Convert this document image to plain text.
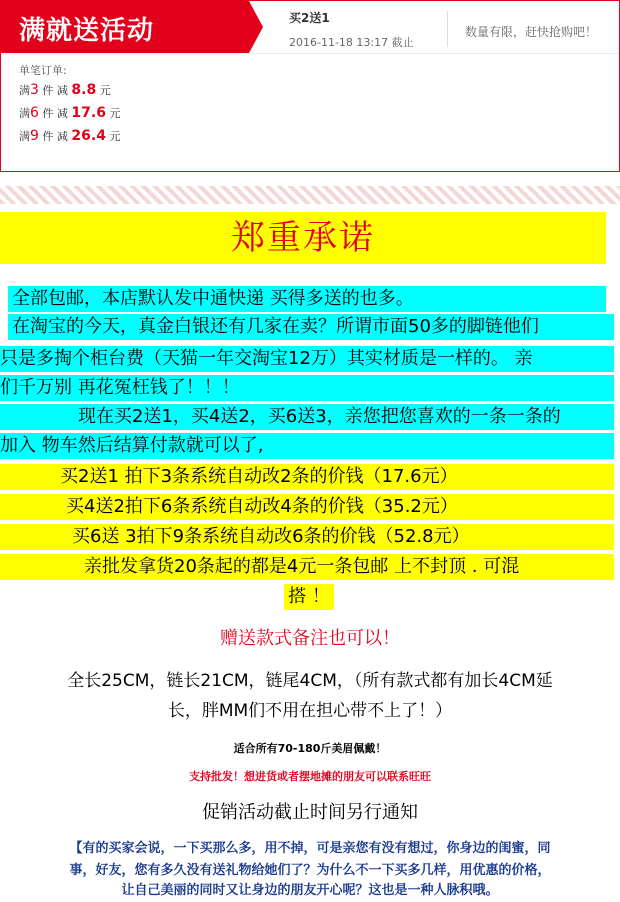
满就送活动	买2送1
2016-11-18 13:17 截止
数量有限，赶快抢购吧！
单笔订单:
满3 件 减 8.8 元
满6 件 减 17.6 元
满9 件 减 26.4 元
郑重承诺
全部包邮，本店默认发中通快递 买得多送的也多。
在淘宝的今天，真金白银还有几家在卖？所谓市面50多的脚链他们
只是多掏个柜台费（天猫一年交淘宝12万）其实材质是一样的。 亲
们千万别 再花冤枉钱了！！！
现在买2送1，买4送2，买6送3，亲您把您喜欢的一条一条的
加入 物车然后结算付款就可以了,
买2送1 拍下3条系统自动改2条的价钱（17.6元）
买4送2拍下6条系统自动改4条的价钱（35.2元）
买6送 3拍下9条系统自动改6条的价钱（52.8元）
亲批发拿货20条起的都是4元一条包邮 上不封顶 . 可混
搭 ！
赠送款式备注也可以！
全长25CM，链长21CM，链尾4CM，（所有款式都有加长4CM延
长，胖MM们不用在担心带不上了！）
适合所有70-180斤美眉佩戴！
支持批发！想进货或者摆地摊的朋友可以联系旺旺
促销活动截止时间另行通知
【有的买家会说，一下买那么多，用不掉，可是亲您有没有想过，你身边的闺蜜，同
事，好友，您有多久没有送礼物给她们了？为什么不一下买多几样，用优惠的价格，
让自己美丽的同时又让身边的朋友开心呢？这也是一种人脉积哦。
